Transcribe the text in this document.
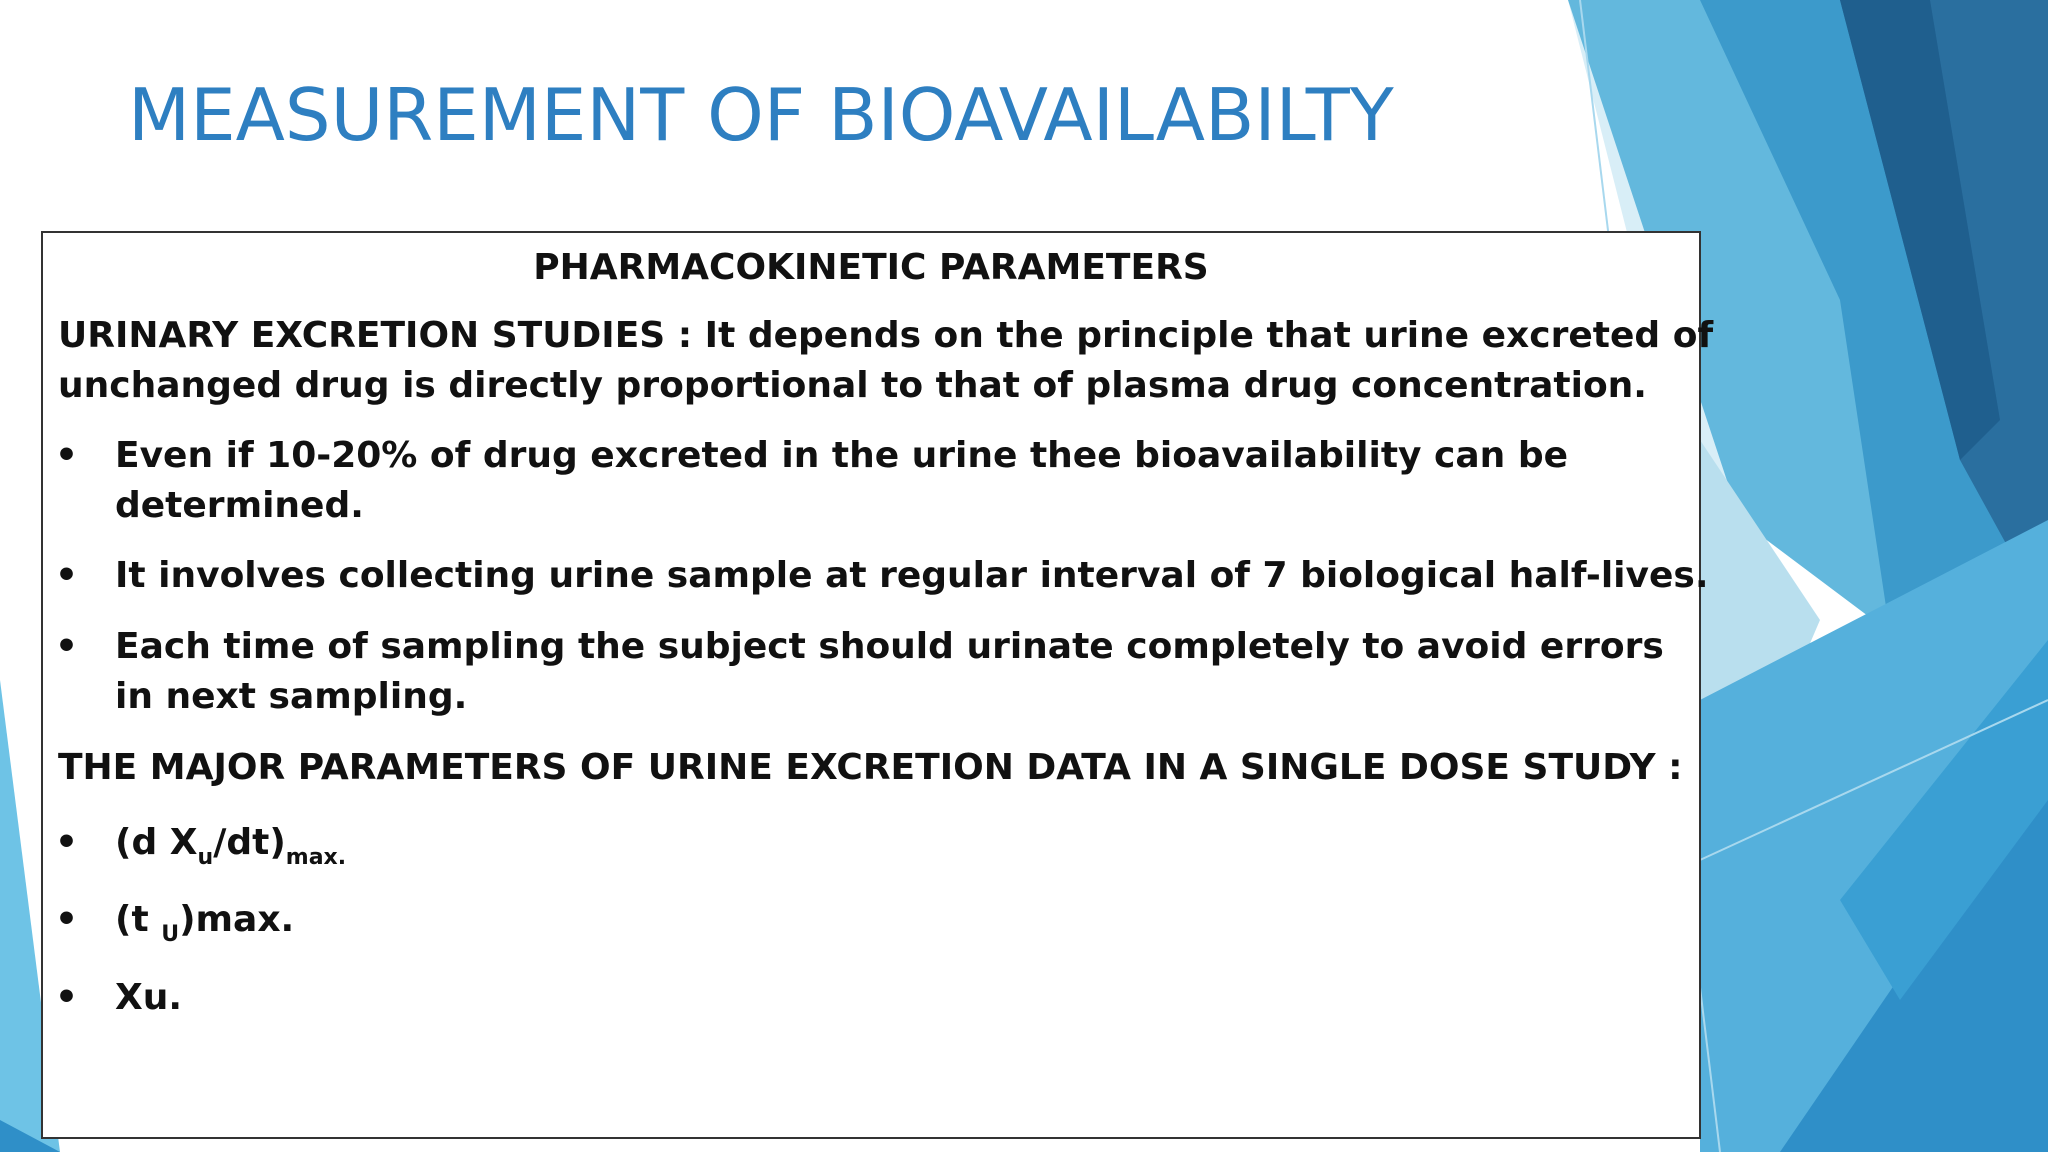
MEASUREMENT OF BIOAVAILABILTY

PHARMACOKINETIC PARAMETERS

URINARY EXCRETION STUDIES : It depends on the principle that urine excreted of

unchanged drug is directly proportional to that of plasma drug concentration.

• Even if 10-20% of drug excreted in the urine thee bioavailability can be

determined.

• It involves collecting urine sample at regular interval of 7 biological half-lives.

• Each time of sampling the subject should urinate completely to avoid errors

in next sampling.

THE MAJOR PARAMETERS OF URINE EXCRETION DATA IN A SINGLE DOSE STUDY :

• (d $X_u/dt)_{max.}$

• (t $_U$)max.

• Xu.
